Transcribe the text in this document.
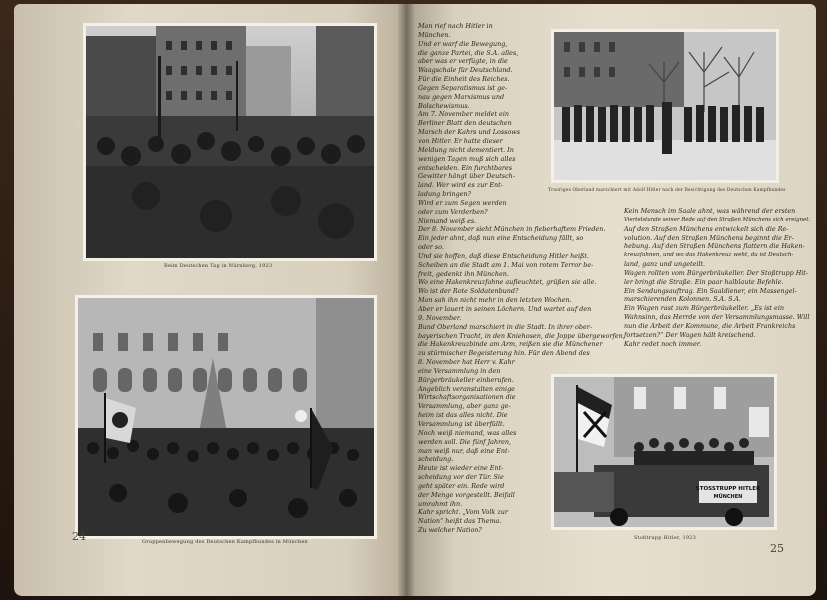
Beim Deutschen Tag in Nürnberg, 1923
Gruppenbewegung des Deutschen Kampfbundes in München
24
Man rief nach Hitler in
München.
Und er warf die Bewegung,
die ganze Partei, die S.A. alles,
aber was er verfügte, in die
Waagschale für Deutschland.
Für die Einheit des Reiches.
Gegen Separatismus ist ge-
nau gegen Marxismus und
Bolschewismus.
Am 7. November meldet ein
Berliner Blatt den deutschen
Marsch der Kahrs und Lossows
von Hitler. Er hatte dieser
Meldung nicht dementiert. In
wenigen Tagen muß sich alles
entscheiden. Ein furchtbares
Gewitter hängt über Deutsch-
land. Wer wird es zur Ent-
ladung bringen?
Wird er zum Segen werden
oder zum Verderben?
Niemand weiß es.
Der 8. November sieht München in fieberhaftem Frieden.
Ein jeder ahnt, daß nun eine Entscheidung fällt, so
oder so.
Und sie hoffen, daß diese Entscheidung Hitler heißt.
Scheiben an die Stadt am 1. Mai von rotem Terror be-
freit, gedenkt ihn München.
Wo eine Hakenkreuzfahne aufleuchtet, grüßen sie alle.
Wo ist der Rote Soldatenbund?
Man sah ihn nicht mehr in den letzten Wochen.
Aber er lauert in seinen Löchern. Und wartet auf den
9. November.
Bund Oberland marschiert in die Stadt. In ihrer ober-
bayerischen Tracht, in den Kniehosen, die Joppe übergeworfen,
die Hakenkreuzbinde am Arm, reißen sie die Münchener
zu stürmischer Begeisterung hin. Für den Abend des
8. November hat Herr v. Kahr
eine Versammlung in den
Bürgerbräukeller einberufen.
Angeblich veranstalten einige
Wirtschaftsorganisationen die
Versammlung, aber ganz ge-
heim ist das alles nicht. Die
Versammlung ist überfüllt.
Noch weiß niemand, was alles
werden soll. Die fünf Jahren,
man weiß nur, daß eine Ent-
scheidung.
Heute ist wieder eine Ent-
scheidung vor der Tür. Sie
geht später ein. Rede wird
der Menge vorgestellt. Beifall
umrahmt ihn.
Kahr spricht. „Vom Volk zur
Nation“ heißt das Thema.
Zu welcher Nation?
Trauriges Oberland marschiert mit Adolf Hitler nach der Besichtigung des Deutschen Kampfbundes
Kein Mensch im Saale ahnt, was während der ersten
Viertelstunde seiner Rede auf den Straßen Münchens sich ereignet.
Auf den Straßen Münchens entwickelt sich die Re-
volution. Auf den Straßen Münchens beginnt die Er-
hebung. Auf den Straßen Münchens flattern die Haken-
kreuzfahnen, und wo das Hakenkreuz weht, da ist Deutsch-
land, ganz und ungeteilt.
Wagen rollten vom Bürgerbräukeller. Der Stoßtrupp Hit-
ler bringt die Straße. Ein paar halblaute Befehle.
Ein Sendungsauftrag. Ein Saaldiener, ein Massengel-
marschierenden Kolonnen. S.A. S.A.
Ein Wagen rast zum Bürgerbräukeller. „Es ist ein
Wahnsinn, das Herrde von der Versammlungsmasse. Will
nun die Arbeit der Kommune, die Arbeit Frankreichs
fortsetzen?“ Der Wagen hält kreischend.
Kahr redet noch immer.
STOSSTRUPP HITLER
MÜNCHEN
Stoßtrupp Hitler, 1923
25
